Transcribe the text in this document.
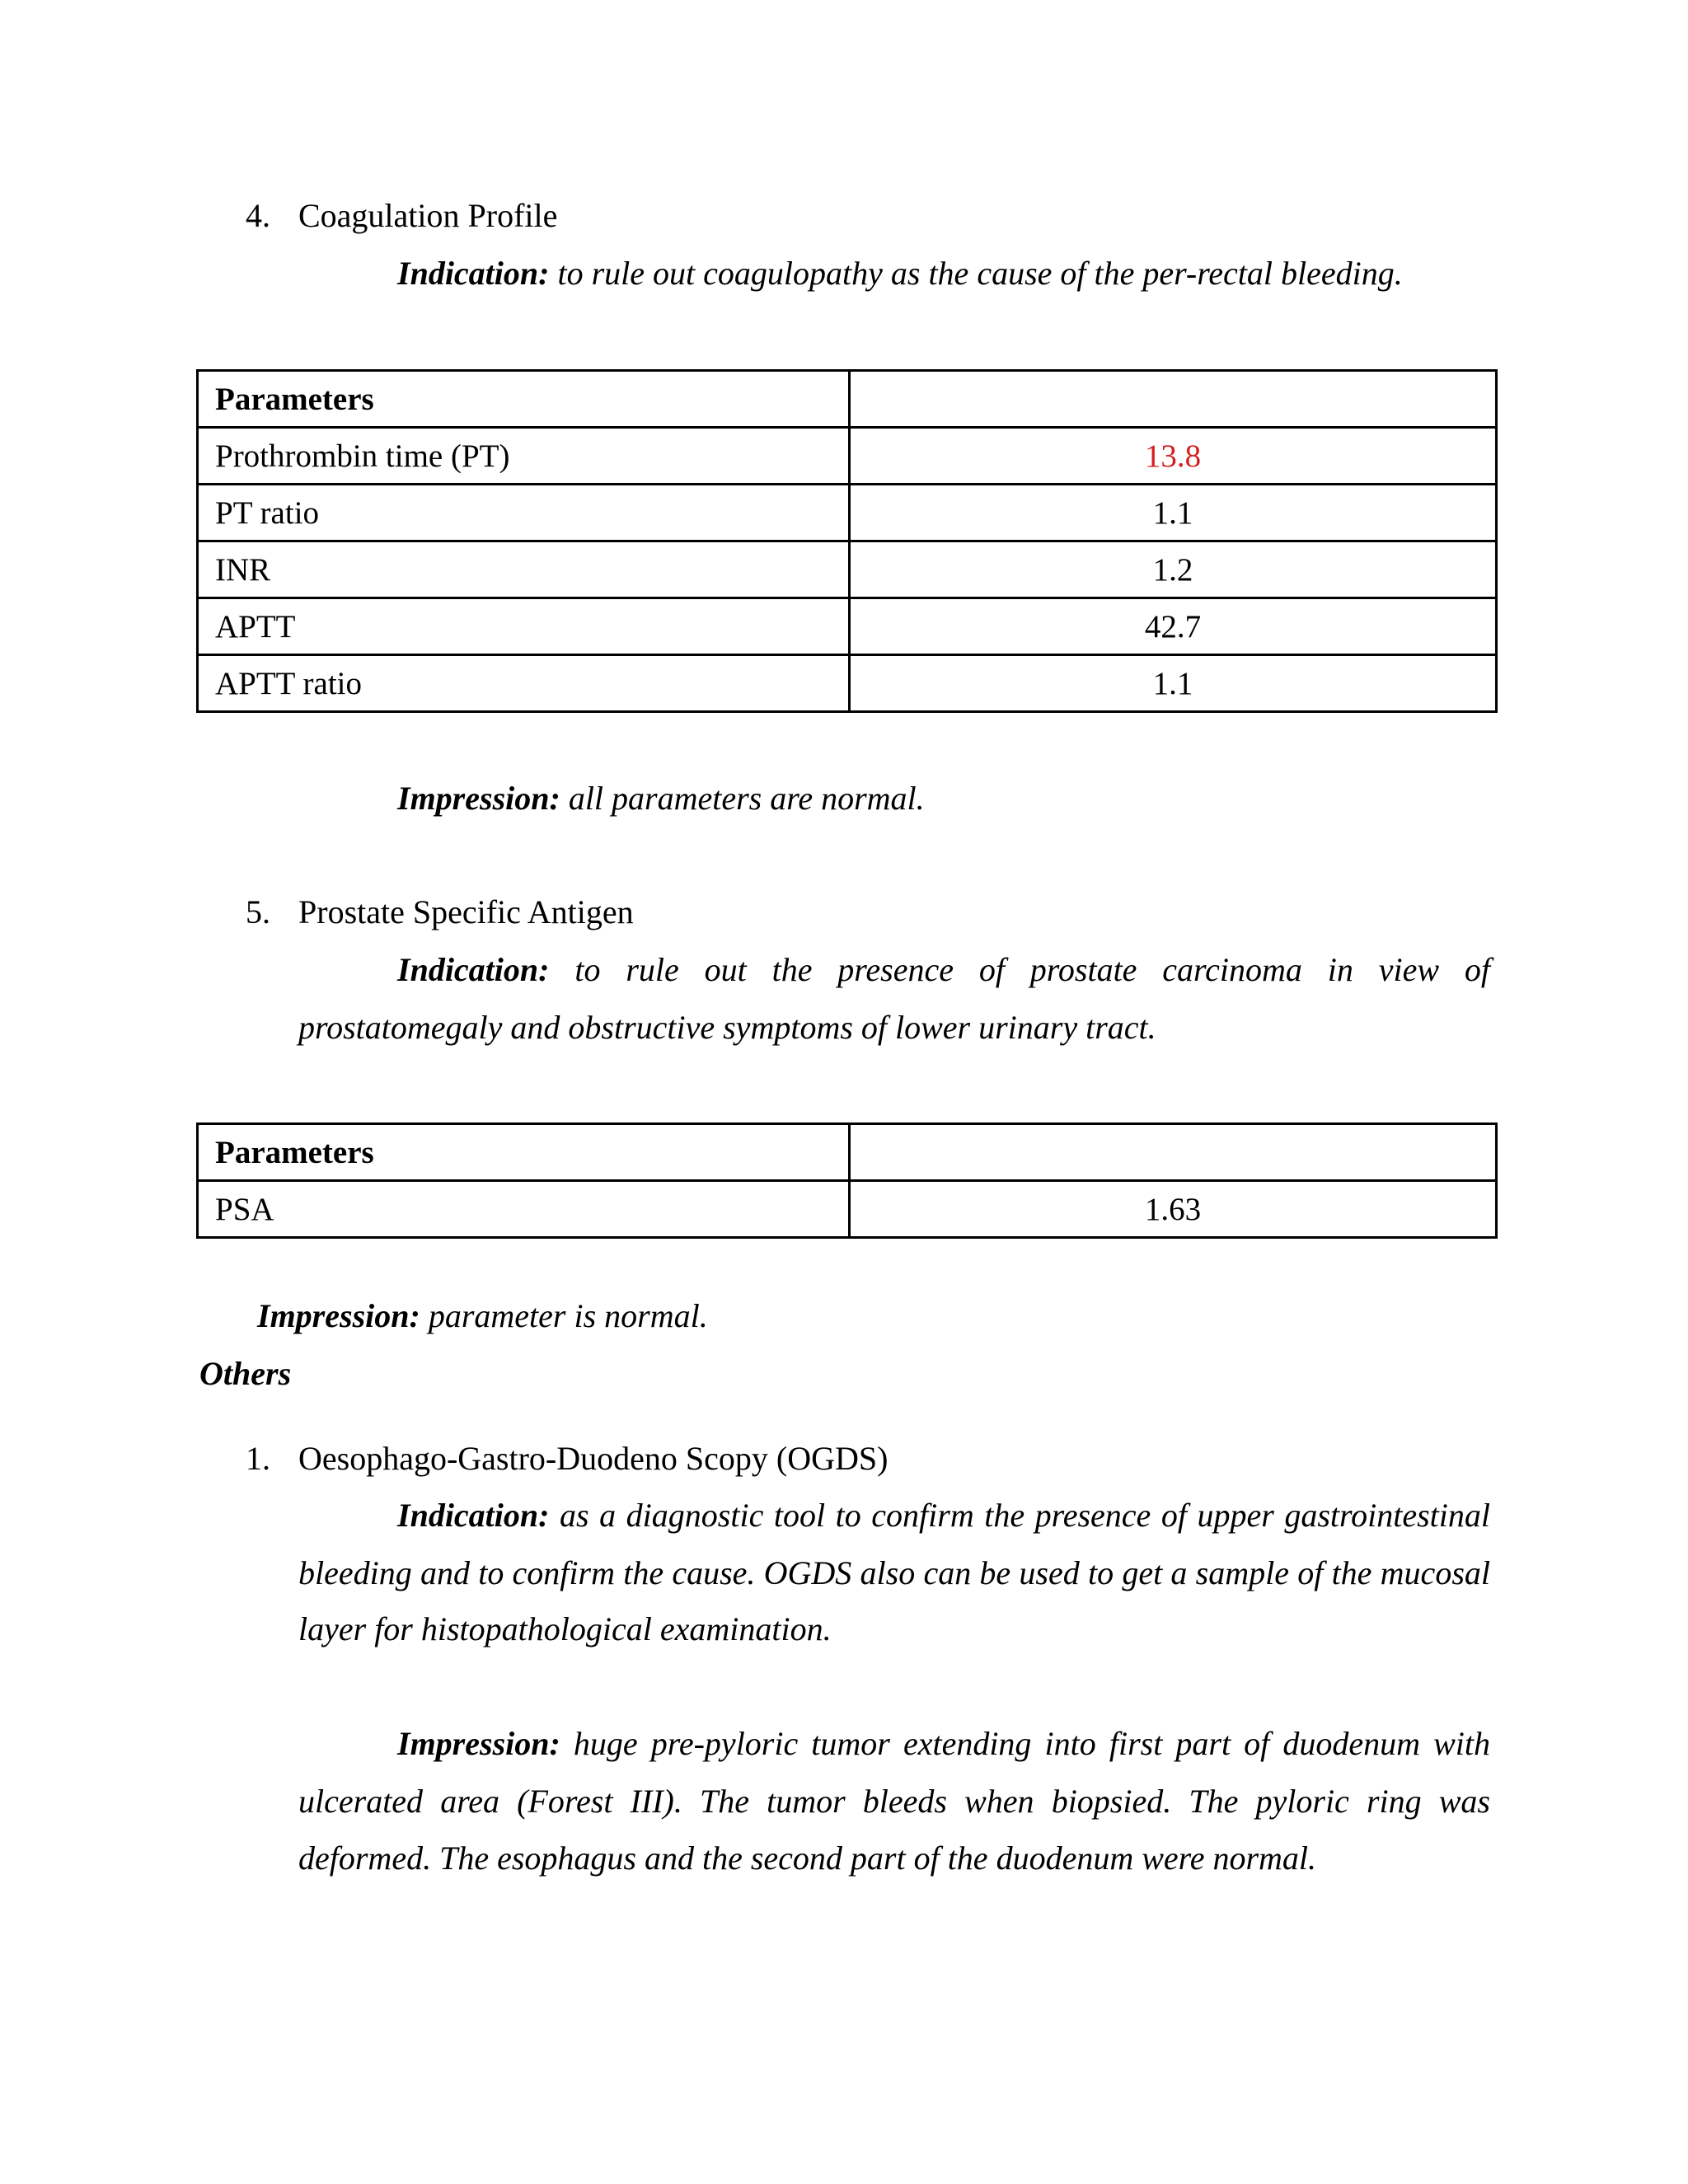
4. Coagulation Profile
Indication: to rule out coagulopathy as the cause of the per-rectal bleeding.
Parameters	
Prothrombin time (PT)	13.8
PT ratio	1.1
INR	1.2
APTT	42.7
APTT ratio	1.1
Impression: all parameters are normal.
5. Prostate Specific Antigen
Indication: to rule out the presence of prostate carcinoma in view of
prostatomegaly and obstructive symptoms of lower urinary tract.
Parameters	
PSA	1.63
Impression: parameter is normal.
Others
1. Oesophago-Gastro-Duodeno Scopy (OGDS)
Indication: as a diagnostic tool to confirm the presence of upper gastrointestinal
bleeding and to confirm the cause. OGDS also can be used to get a sample of the mucosal
layer for histopathological examination.
Impression: huge pre-pyloric tumor extending into first part of duodenum with
ulcerated area (Forest III). The tumor bleeds when biopsied. The pyloric ring was
deformed. The esophagus and the second part of the duodenum were normal.
